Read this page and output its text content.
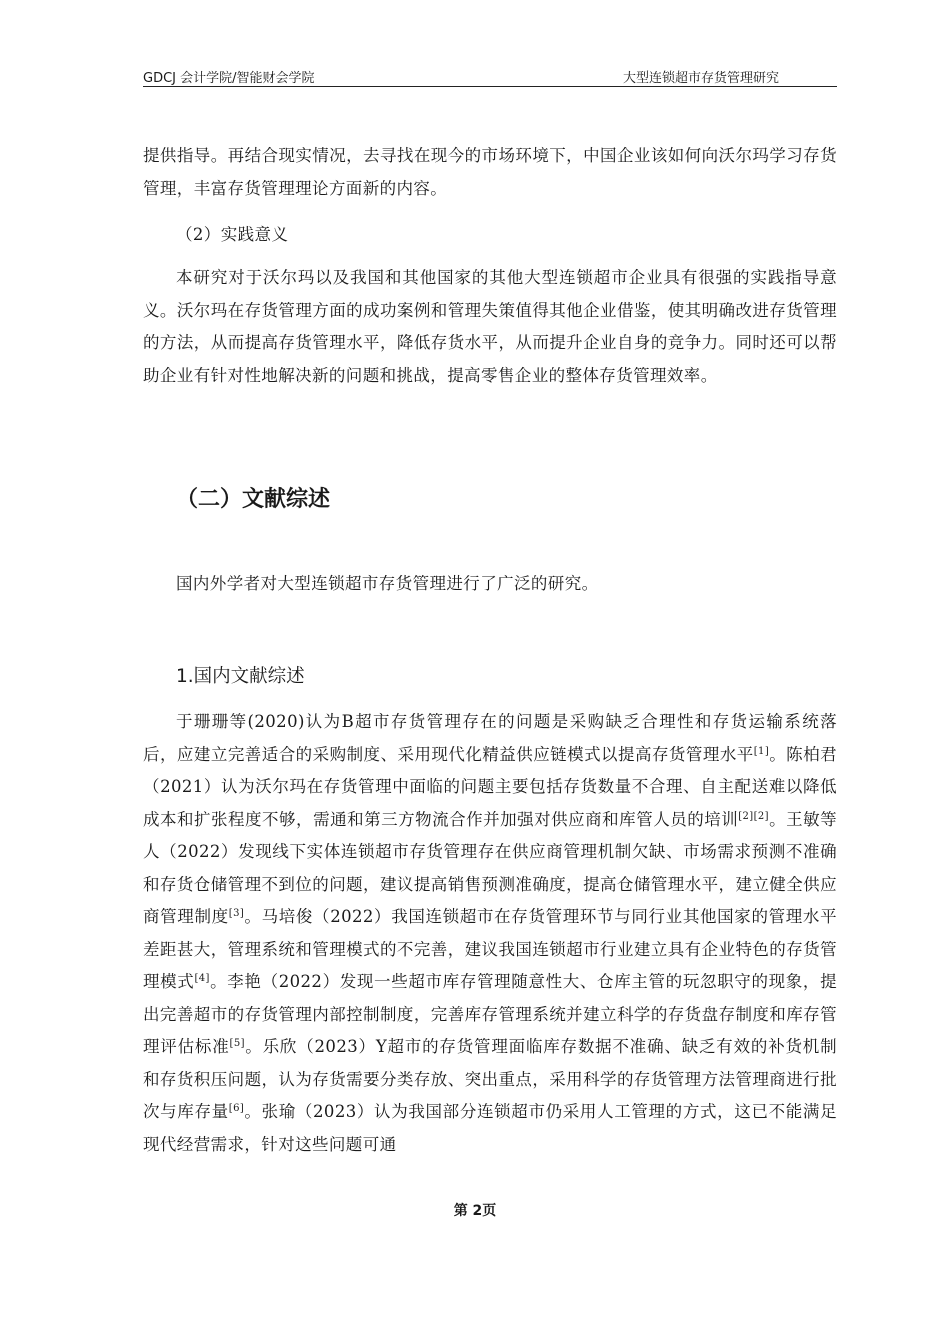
GDCJ 会计学院/智能财会学院	大型连锁超市存货管理研究

提供指导。再结合现实情况，去寻找在现今的市场环境下，中国企业该如何向沃尔玛学习存货管理，丰富存货管理理论方面新的内容。

（2）实践意义

本研究对于沃尔玛以及我国和其他国家的其他大型连锁超市企业具有很强的实践指导意义。沃尔玛在存货管理方面的成功案例和管理失策值得其他企业借鉴，使其明确改进存货管理的方法，从而提高存货管理水平，降低存货水平，从而提升企业自身的竞争力。同时还可以帮助企业有针对性地解决新的问题和挑战，提高零售企业的整体存货管理效率。

（二）文献综述

国内外学者对大型连锁超市存货管理进行了广泛的研究。

1.国内文献综述

于珊珊等(2020)认为B超市存货管理存在的问题是采购缺乏合理性和存货运输系统落后，应建立完善适合的采购制度、采用现代化精益供应链模式以提高存货管理水平[1]。陈柏君（2021）认为沃尔玛在存货管理中面临的问题主要包括存货数量不合理、自主配送难以降低成本和扩张程度不够，需通和第三方物流合作并加强对供应商和库管人员的培训[2][2]。王敏等人（2022）发现线下实体连锁超市存货管理存在供应商管理机制欠缺、市场需求预测不准确和存货仓储管理不到位的问题，建议提高销售预测准确度，提高仓储管理水平，建立健全供应商管理制度[3]。马培俊（2022）我国连锁超市在存货管理环节与同行业其他国家的管理水平差距甚大，管理系统和管理模式的不完善，建议我国连锁超市行业建立具有企业特色的存货管理模式[4]。李艳（2022）发现一些超市库存管理随意性大、仓库主管的玩忽职守的现象，提出完善超市的存货管理内部控制制度，完善库存管理系统并建立科学的存货盘存制度和库存管理评估标准[5]。乐欣（2023）Y超市的存货管理面临库存数据不准确、缺乏有效的补货机制和存货积压问题，认为存货需要分类存放、突出重点，采用科学的存货管理方法管理商进行批次与库存量[6]。张瑜（2023）认为我国部分连锁超市仍采用人工管理的方式，这已不能满足现代经营需求，针对这些问题可通

第 2页
